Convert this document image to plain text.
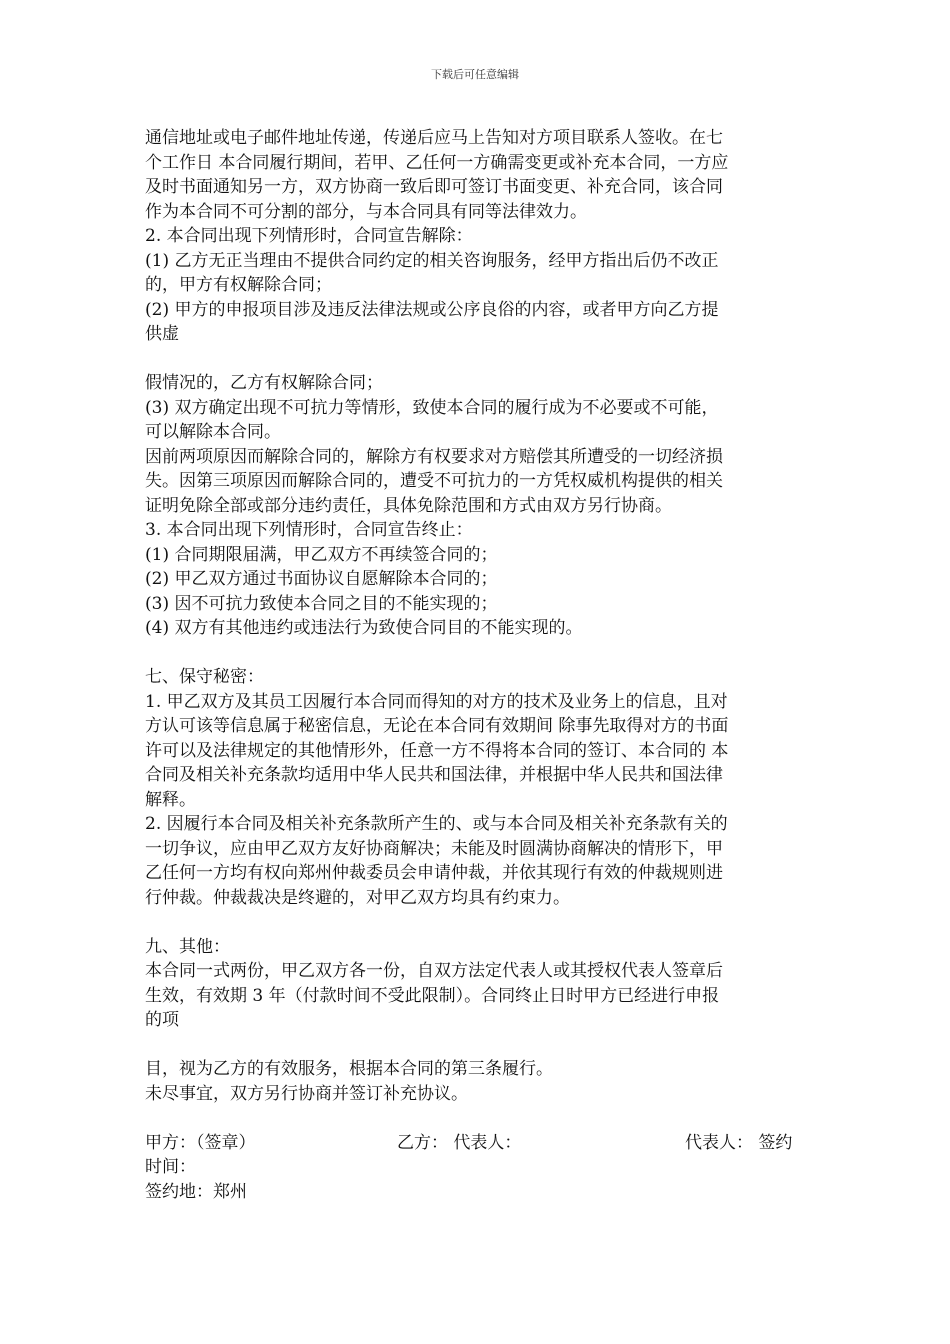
下载后可任意编辑
通信地址或电子邮件地址传递，传递后应马上告知对方项目联系人签收。在七
个工作日 本合同履行期间，若甲、乙任何一方确需变更或补充本合同，一方应
及时书面通知另一方，双方协商一致后即可签订书面变更、补充合同，该合同
作为本合同不可分割的部分，与本合同具有同等法律效力。
2. 本合同出现下列情形时，合同宣告解除：
(1) 乙方无正当理由不提供合同约定的相关咨询服务，经甲方指出后仍不改正
的，甲方有权解除合同；
(2) 甲方的申报项目涉及违反法律法规或公序良俗的内容，或者甲方向乙方提
供虚
假情况的，乙方有权解除合同；
(3) 双方确定出现不可抗力等情形，致使本合同的履行成为不必要或不可能，
可以解除本合同。
因前两项原因而解除合同的，解除方有权要求对方赔偿其所遭受的一切经济损
失。因第三项原因而解除合同的，遭受不可抗力的一方凭权威机构提供的相关
证明免除全部或部分违约责任，具体免除范围和方式由双方另行协商。
3. 本合同出现下列情形时，合同宣告终止：
(1) 合同期限届满，甲乙双方不再续签合同的；
(2) 甲乙双方通过书面协议自愿解除本合同的；
(3) 因不可抗力致使本合同之目的不能实现的；
(4) 双方有其他违约或违法行为致使合同目的不能实现的。
七、保守秘密：
1. 甲乙双方及其员工因履行本合同而得知的对方的技术及业务上的信息，且对
方认可该等信息属于秘密信息，无论在本合同有效期间 除事先取得对方的书面
许可以及法律规定的其他情形外，任意一方不得将本合同的签订、本合同的 本
合同及相关补充条款均适用中华人民共和国法律，并根据中华人民共和国法律
解释。
2. 因履行本合同及相关补充条款所产生的、或与本合同及相关补充条款有关的
一切争议，应由甲乙双方友好协商解决；未能及时圆满协商解决的情形下，甲
乙任何一方均有权向郑州仲裁委员会申请仲裁，并依其现行有效的仲裁规则进
行仲裁。仲裁裁决是终避的，对甲乙双方均具有约束力。
九、其他：
本合同一式两份，甲乙双方各一份，自双方法定代表人或其授权代表人签章后
生效，有效期 3 年（付款时间不受此限制）。合同终止日时甲方已经进行申报
的项
目，视为乙方的有效服务，根据本合同的第三条履行。
未尽事宜，双方另行协商并签订补充协议。
甲方：（签章）	乙方： 代表人：	代表人： 签约
时间：
签约地：郑州
